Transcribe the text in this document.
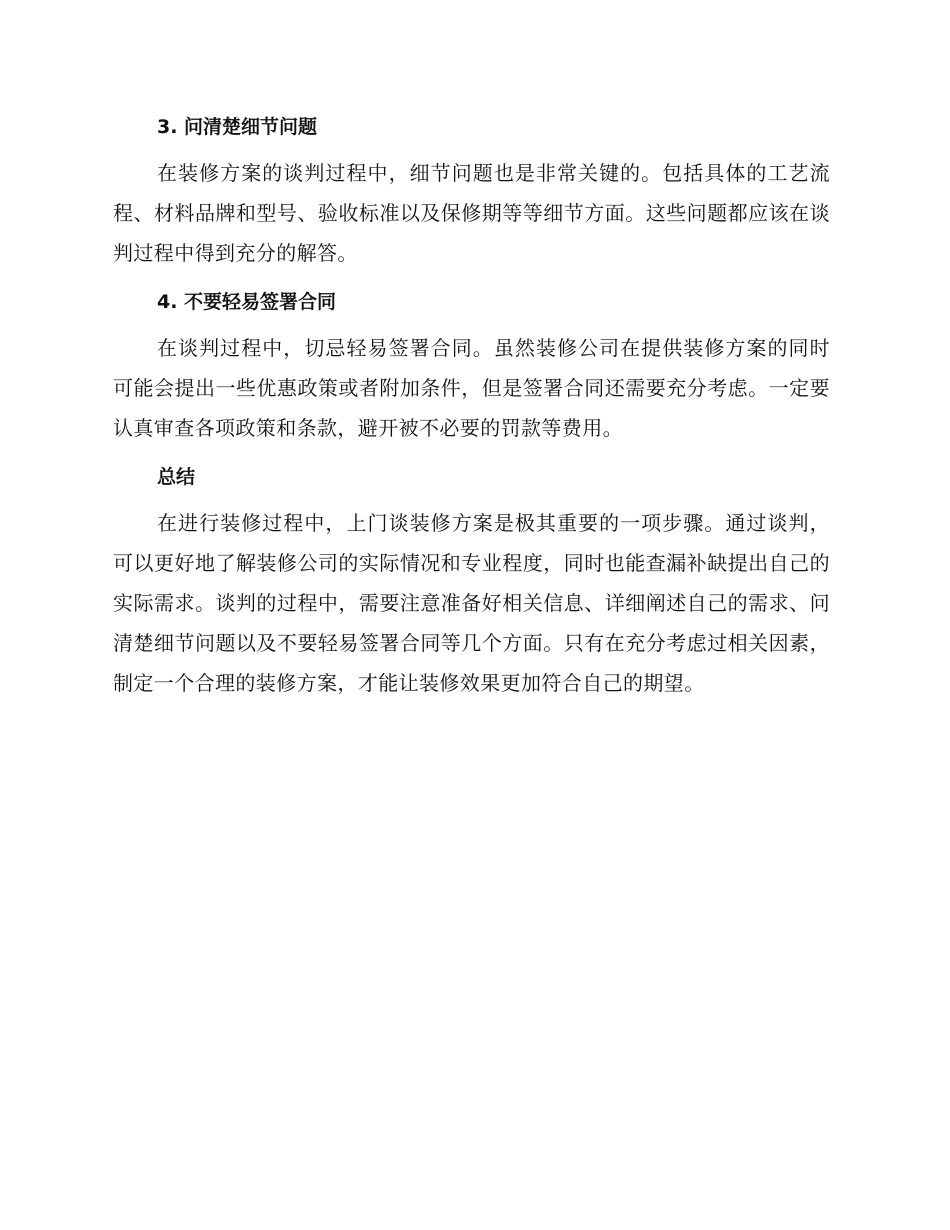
3. 问清楚细节问题

在装修方案的谈判过程中，细节问题也是非常关键的。包括具体的工艺流程、材料品牌和型号、验收标准以及保修期等等细节方面。这些问题都应该在谈判过程中得到充分的解答。

4. 不要轻易签署合同

在谈判过程中，切忌轻易签署合同。虽然装修公司在提供装修方案的同时可能会提出一些优惠政策或者附加条件，但是签署合同还需要充分考虑。一定要认真审查各项政策和条款，避开被不必要的罚款等费用。

总结

在进行装修过程中，上门谈装修方案是极其重要的一项步骤。通过谈判，可以更好地了解装修公司的实际情况和专业程度，同时也能查漏补缺提出自己的实际需求。谈判的过程中，需要注意准备好相关信息、详细阐述自己的需求、问清楚细节问题以及不要轻易签署合同等几个方面。只有在充分考虑过相关因素，制定一个合理的装修方案，才能让装修效果更加符合自己的期望。
